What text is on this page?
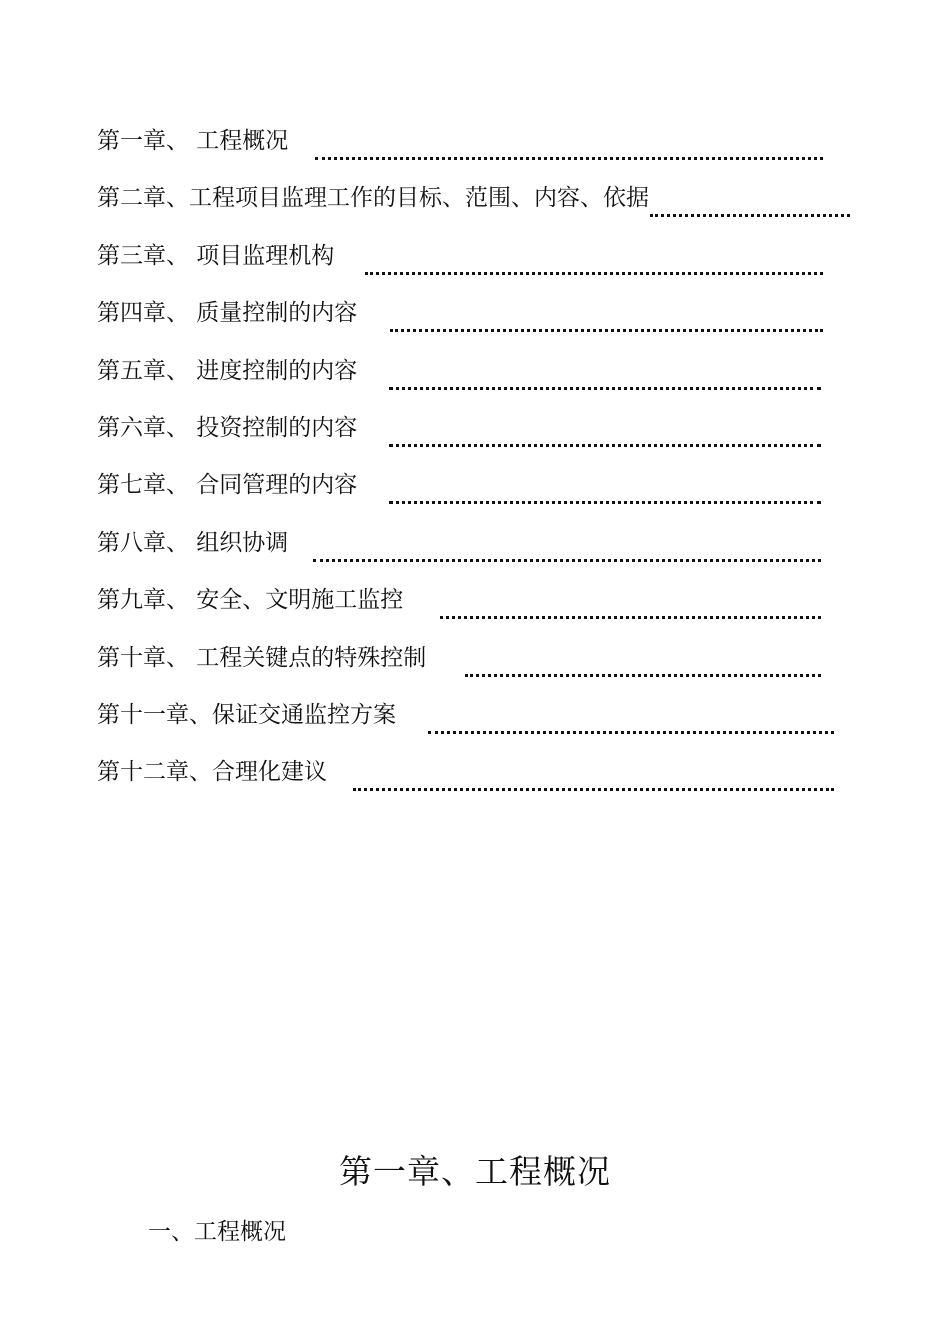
第一章、 工程概况
第二章、工程项目监理工作的目标、范围、内容、依据
第三章、 项目监理机构
第四章、 质量控制的内容
第五章、 进度控制的内容
第六章、 投资控制的内容
第七章、 合同管理的内容
第八章、 组织协调
第九章、 安全、文明施工监控
第十章、 工程关键点的特殊控制
第十一章、保证交通监控方案
第十二章、合理化建议
第一章、工程概况
一、工程概况
